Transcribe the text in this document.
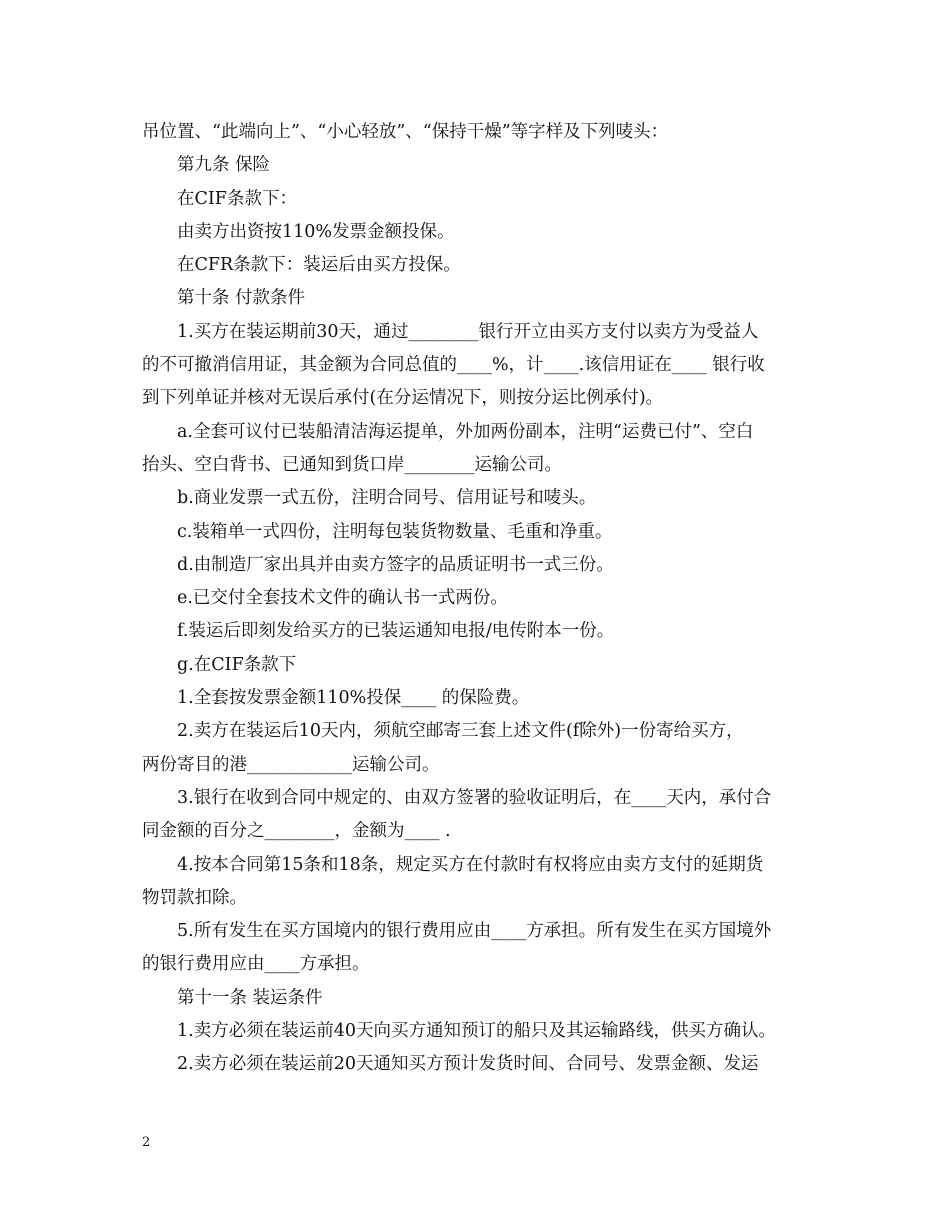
吊位置、“此端向上”、“小心轻放”、“保持干燥”等字样及下列唛头：
第九条 保险
在CIF条款下：
由卖方出资按110%发票金额投保。
在CFR条款下：装运后由买方投保。
第十条 付款条件
1.买方在装运期前30天，通过________银行开立由买方支付以卖方为受益人
的不可撤消信用证，其金额为合同总值的____%，计____.该信用证在____ 银行收
到下列单证并核对无误后承付(在分运情况下，则按分运比例承付)。
a.全套可议付已装船清洁海运提单，外加两份副本，注明“运费已付”、空白
抬头、空白背书、已通知到货口岸________运输公司。
b.商业发票一式五份，注明合同号、信用证号和唛头。
c.装箱单一式四份，注明每包装货物数量、毛重和净重。
d.由制造厂家出具并由卖方签字的品质证明书一式三份。
e.已交付全套技术文件的确认书一式两份。
f.装运后即刻发给买方的已装运通知电报/电传附本一份。
g.在CIF条款下
1.全套按发票金额110%投保____ 的保险费。
2.卖方在装运后10天内，须航空邮寄三套上述文件(f除外)一份寄给买方，
两份寄目的港____________运输公司。
3.银行在收到合同中规定的、由双方签署的验收证明后，在____天内，承付合
同金额的百分之________，金额为____ .
4.按本合同第15条和18条，规定买方在付款时有权将应由卖方支付的延期货
物罚款扣除。
5.所有发生在买方国境内的银行费用应由____方承担。所有发生在买方国境外
的银行费用应由____方承担。
第十一条 装运条件
1.卖方必须在装运前40天向买方通知预订的船只及其运输路线，供买方确认。
2.卖方必须在装运前20天通知买方预计发货时间、合同号、发票金额、发运
2
